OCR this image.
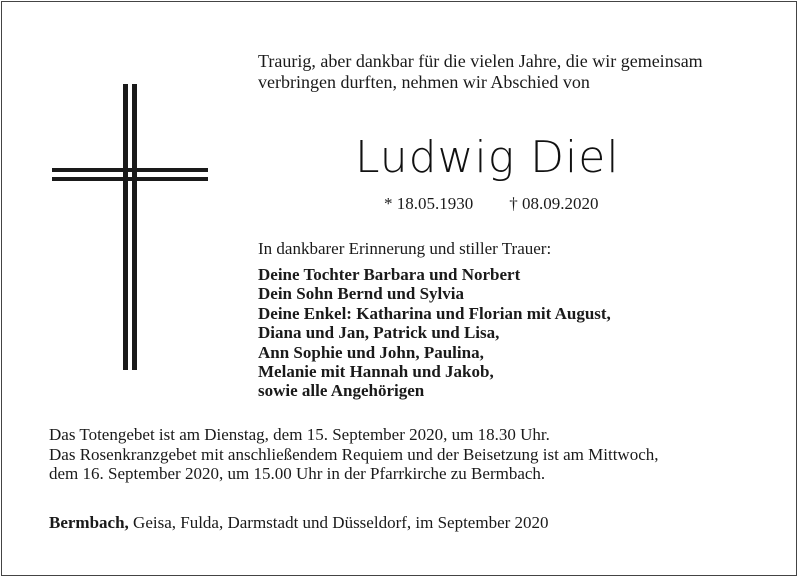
Traurig, aber dankbar für die vielen Jahre, die wir gemeinsam
verbringen durften, nehmen wir Abschied von
Ludwig Diel
* 18.05.1930 † 08.09.2020
In dankbarer Erinnerung und stiller Trauer:
Deine Tochter Barbara und Norbert
Dein Sohn Bernd und Sylvia
Deine Enkel: Katharina und Florian mit August,
Diana und Jan, Patrick und Lisa,
Ann Sophie und John, Paulina,
Melanie mit Hannah und Jakob,
sowie alle Angehörigen
Das Totengebet ist am Dienstag, dem 15. September 2020, um 18.30 Uhr.
Das Rosenkranzgebet mit anschließendem Requiem und der Beisetzung ist am Mittwoch,
dem 16. September 2020, um 15.00 Uhr in der Pfarrkirche zu Bermbach.
Bermbach, Geisa, Fulda, Darmstadt und Düsseldorf, im September 2020
